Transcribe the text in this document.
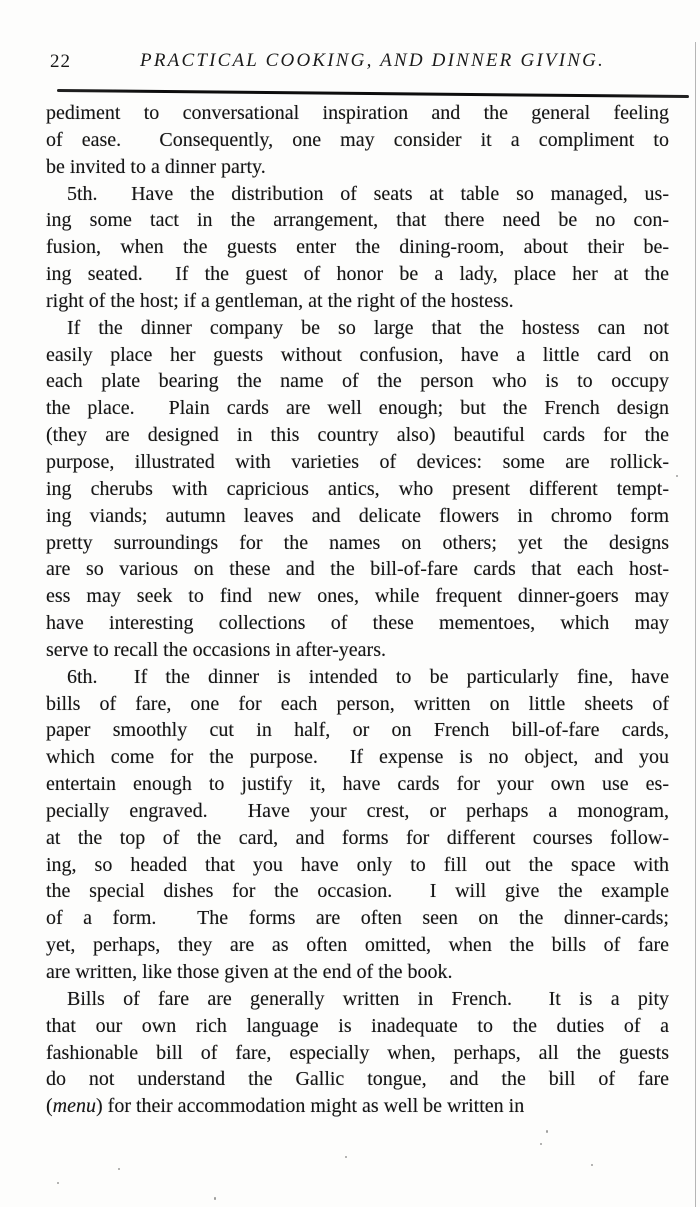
22	PRACTICAL COOKING, AND DINNER GIVING.
pediment to conversational inspiration and the general feeling
of ease.  Consequently, one may consider it a compliment to
be invited to a dinner party.
5th.  Have the distribution of seats at table so managed, us-
ing some tact in the arrangement, that there need be no con-
fusion, when the guests enter the dining-room, about their be-
ing seated.  If the guest of honor be a lady, place her at the
right of the host; if a gentleman, at the right of the hostess.
If the dinner company be so large that the hostess can not
easily place her guests without confusion, have a little card on
each plate bearing the name of the person who is to occupy
the place.  Plain cards are well enough; but the French design
(they are designed in this country also) beautiful cards for the
purpose, illustrated with varieties of devices: some are rollick-
ing cherubs with capricious antics, who present different tempt-
ing viands; autumn leaves and delicate flowers in chromo form
pretty surroundings for the names on others; yet the designs
are so various on these and the bill-of-fare cards that each host-
ess may seek to find new ones, while frequent dinner-goers may
have interesting collections of these mementoes, which may
serve to recall the occasions in after-years.
6th.  If the dinner is intended to be particularly fine, have
bills of fare, one for each person, written on little sheets of
paper smoothly cut in half, or on French bill-of-fare cards,
which come for the purpose.  If expense is no object, and you
entertain enough to justify it, have cards for your own use es-
pecially engraved.  Have your crest, or perhaps a monogram,
at the top of the card, and forms for different courses follow-
ing, so headed that you have only to fill out the space with
the special dishes for the occasion.  I will give the example
of a form.  The forms are often seen on the dinner-cards;
yet, perhaps, they are as often omitted, when the bills of fare
are written, like those given at the end of the book.
Bills of fare are generally written in French.  It is a pity
that our own rich language is inadequate to the duties of a
fashionable bill of fare, especially when, perhaps, all the guests
do not understand the Gallic tongue, and the bill of fare
(menu) for their accommodation might as well be written in
